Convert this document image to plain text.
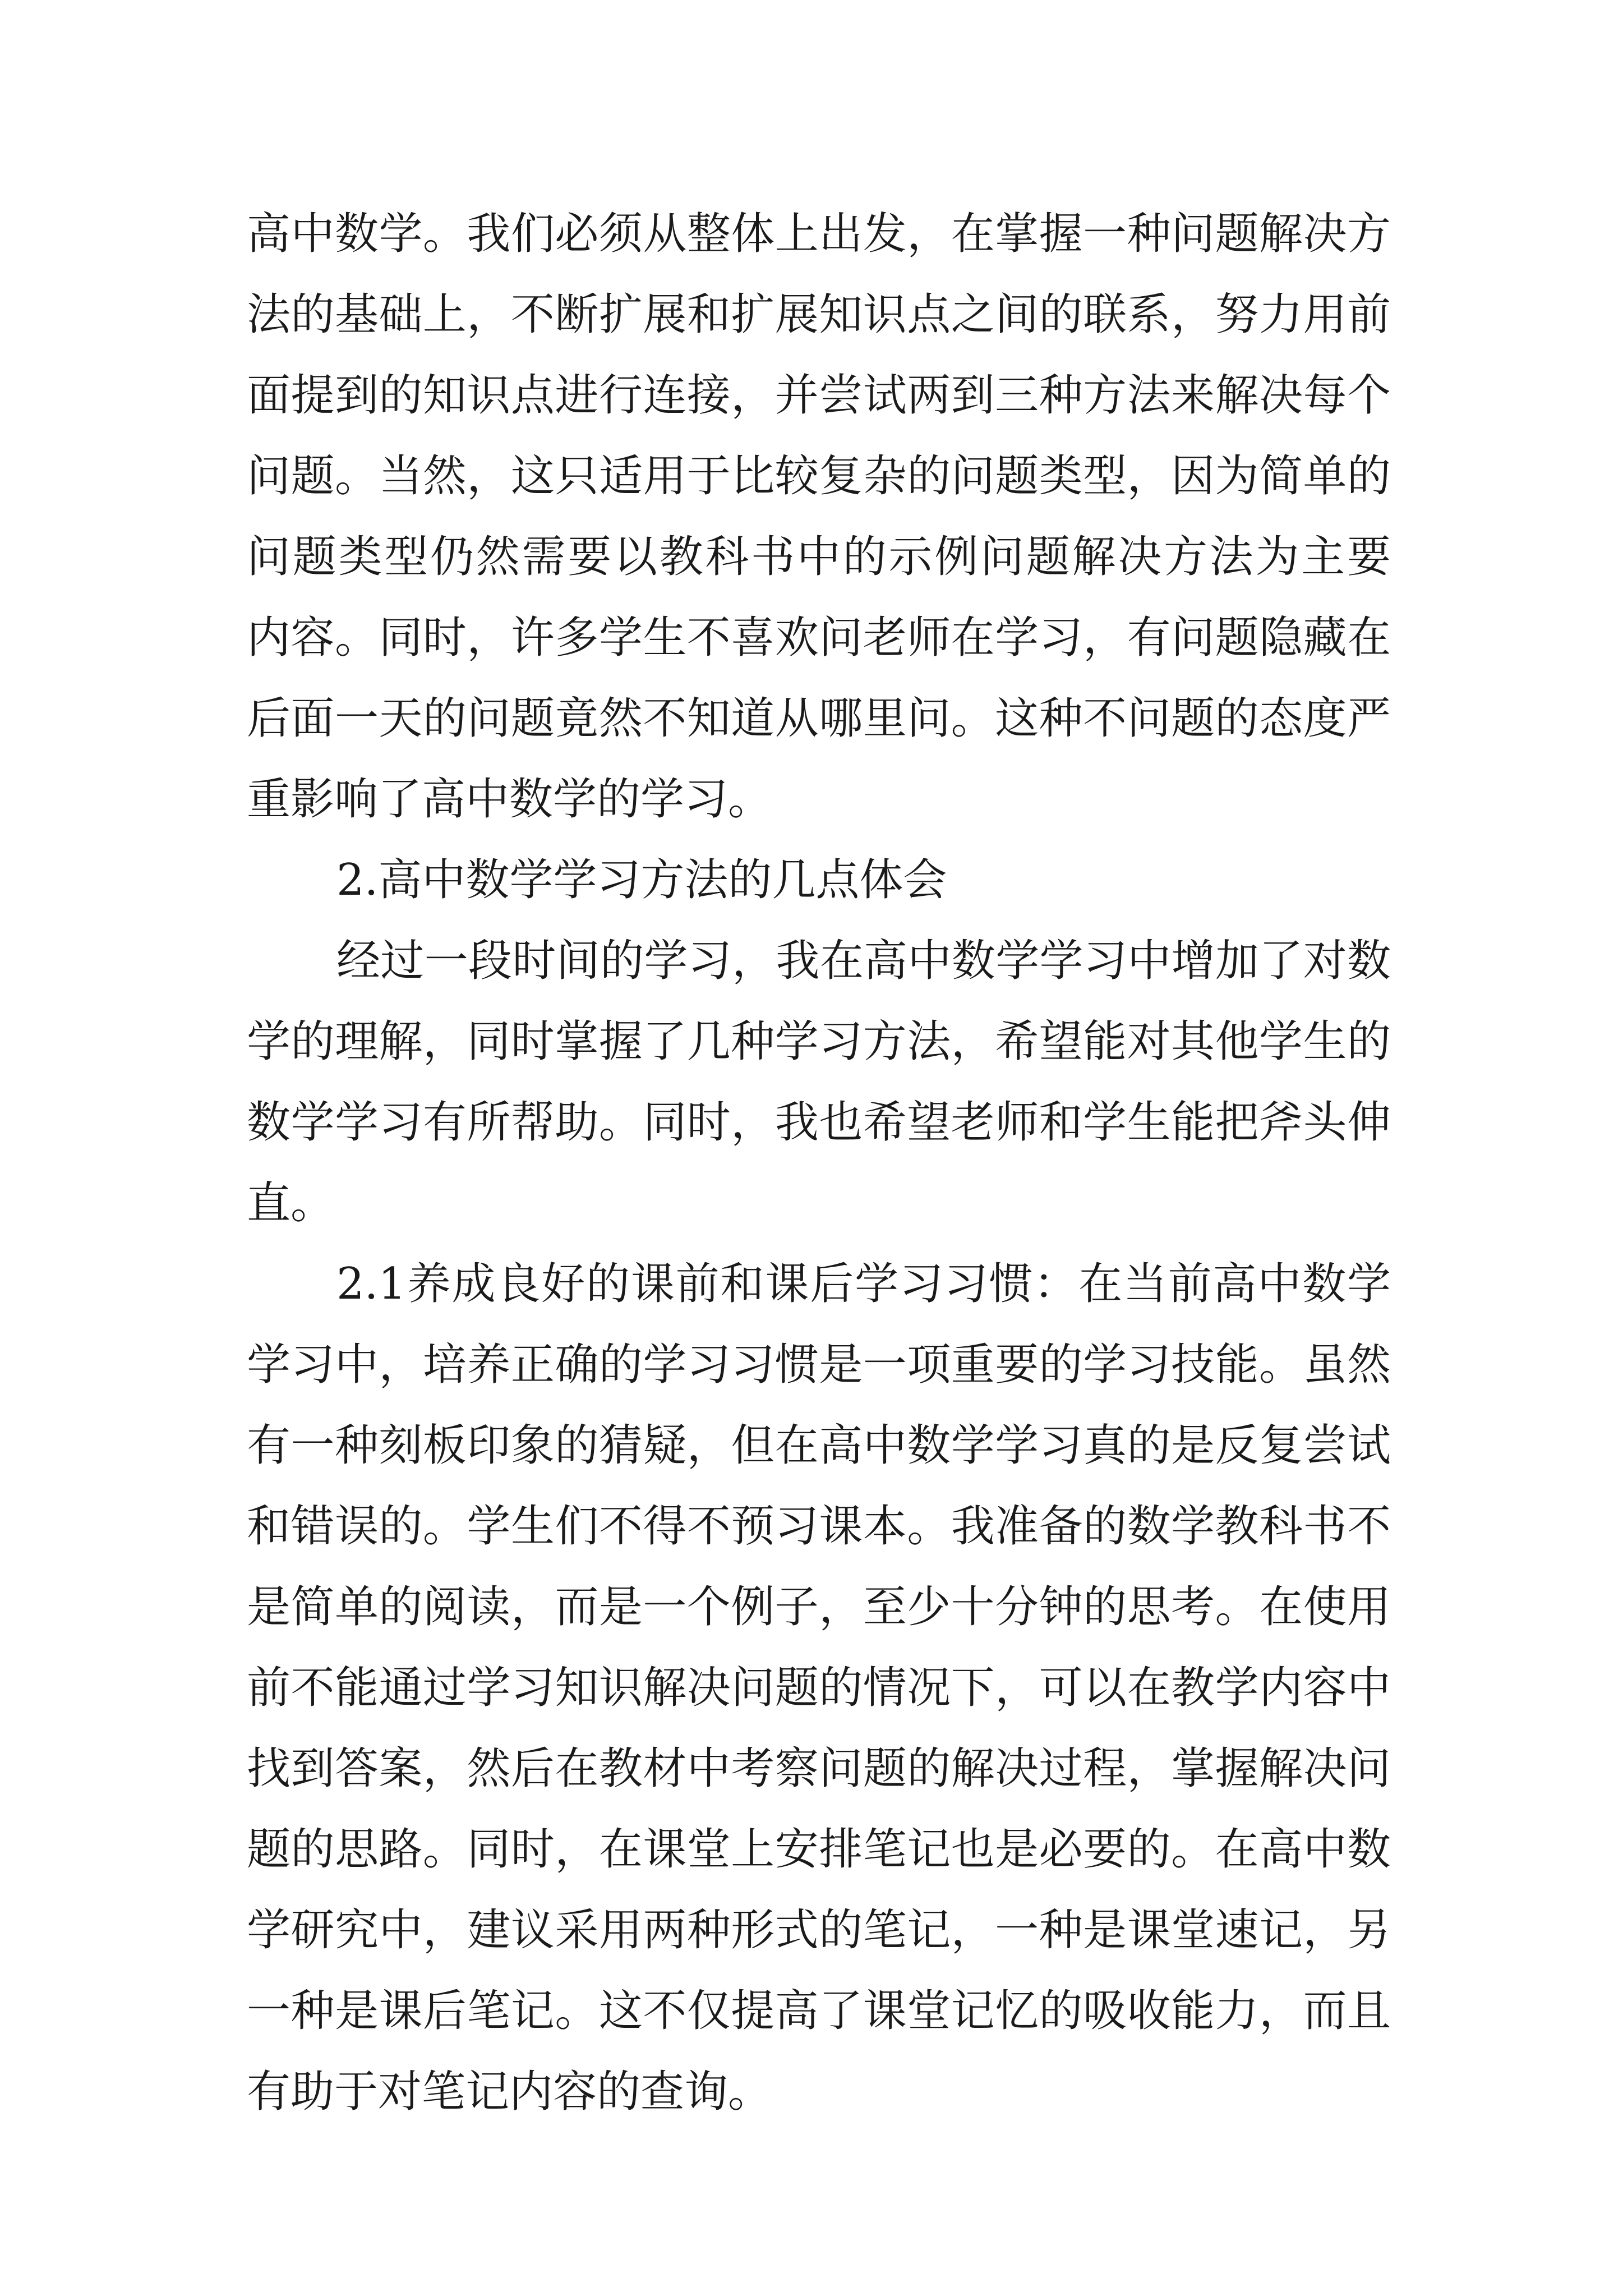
高中数学。我们必须从整体上出发，在掌握一种问题解决方
法的基础上，不断扩展和扩展知识点之间的联系，努力用前
面提到的知识点进行连接，并尝试两到三种方法来解决每个
问题。当然，这只适用于比较复杂的问题类型，因为简单的
问题类型仍然需要以教科书中的示例问题解决方法为主要
内容。同时，许多学生不喜欢问老师在学习，有问题隐藏在
后面一天的问题竟然不知道从哪里问。这种不问题的态度严
重影响了高中数学的学习。
2.高中数学学习方法的几点体会
经过一段时间的学习，我在高中数学学习中增加了对数
学的理解，同时掌握了几种学习方法，希望能对其他学生的
数学学习有所帮助。同时，我也希望老师和学生能把斧头伸
直。
2.1养成良好的课前和课后学习习惯：在当前高中数学
学习中，培养正确的学习习惯是一项重要的学习技能。虽然
有一种刻板印象的猜疑，但在高中数学学习真的是反复尝试
和错误的。学生们不得不预习课本。我准备的数学教科书不
是简单的阅读，而是一个例子，至少十分钟的思考。在使用
前不能通过学习知识解决问题的情况下，可以在教学内容中
找到答案，然后在教材中考察问题的解决过程，掌握解决问
题的思路。同时，在课堂上安排笔记也是必要的。在高中数
学研究中，建议采用两种形式的笔记，一种是课堂速记，另
一种是课后笔记。这不仅提高了课堂记忆的吸收能力，而且
有助于对笔记内容的查询。
